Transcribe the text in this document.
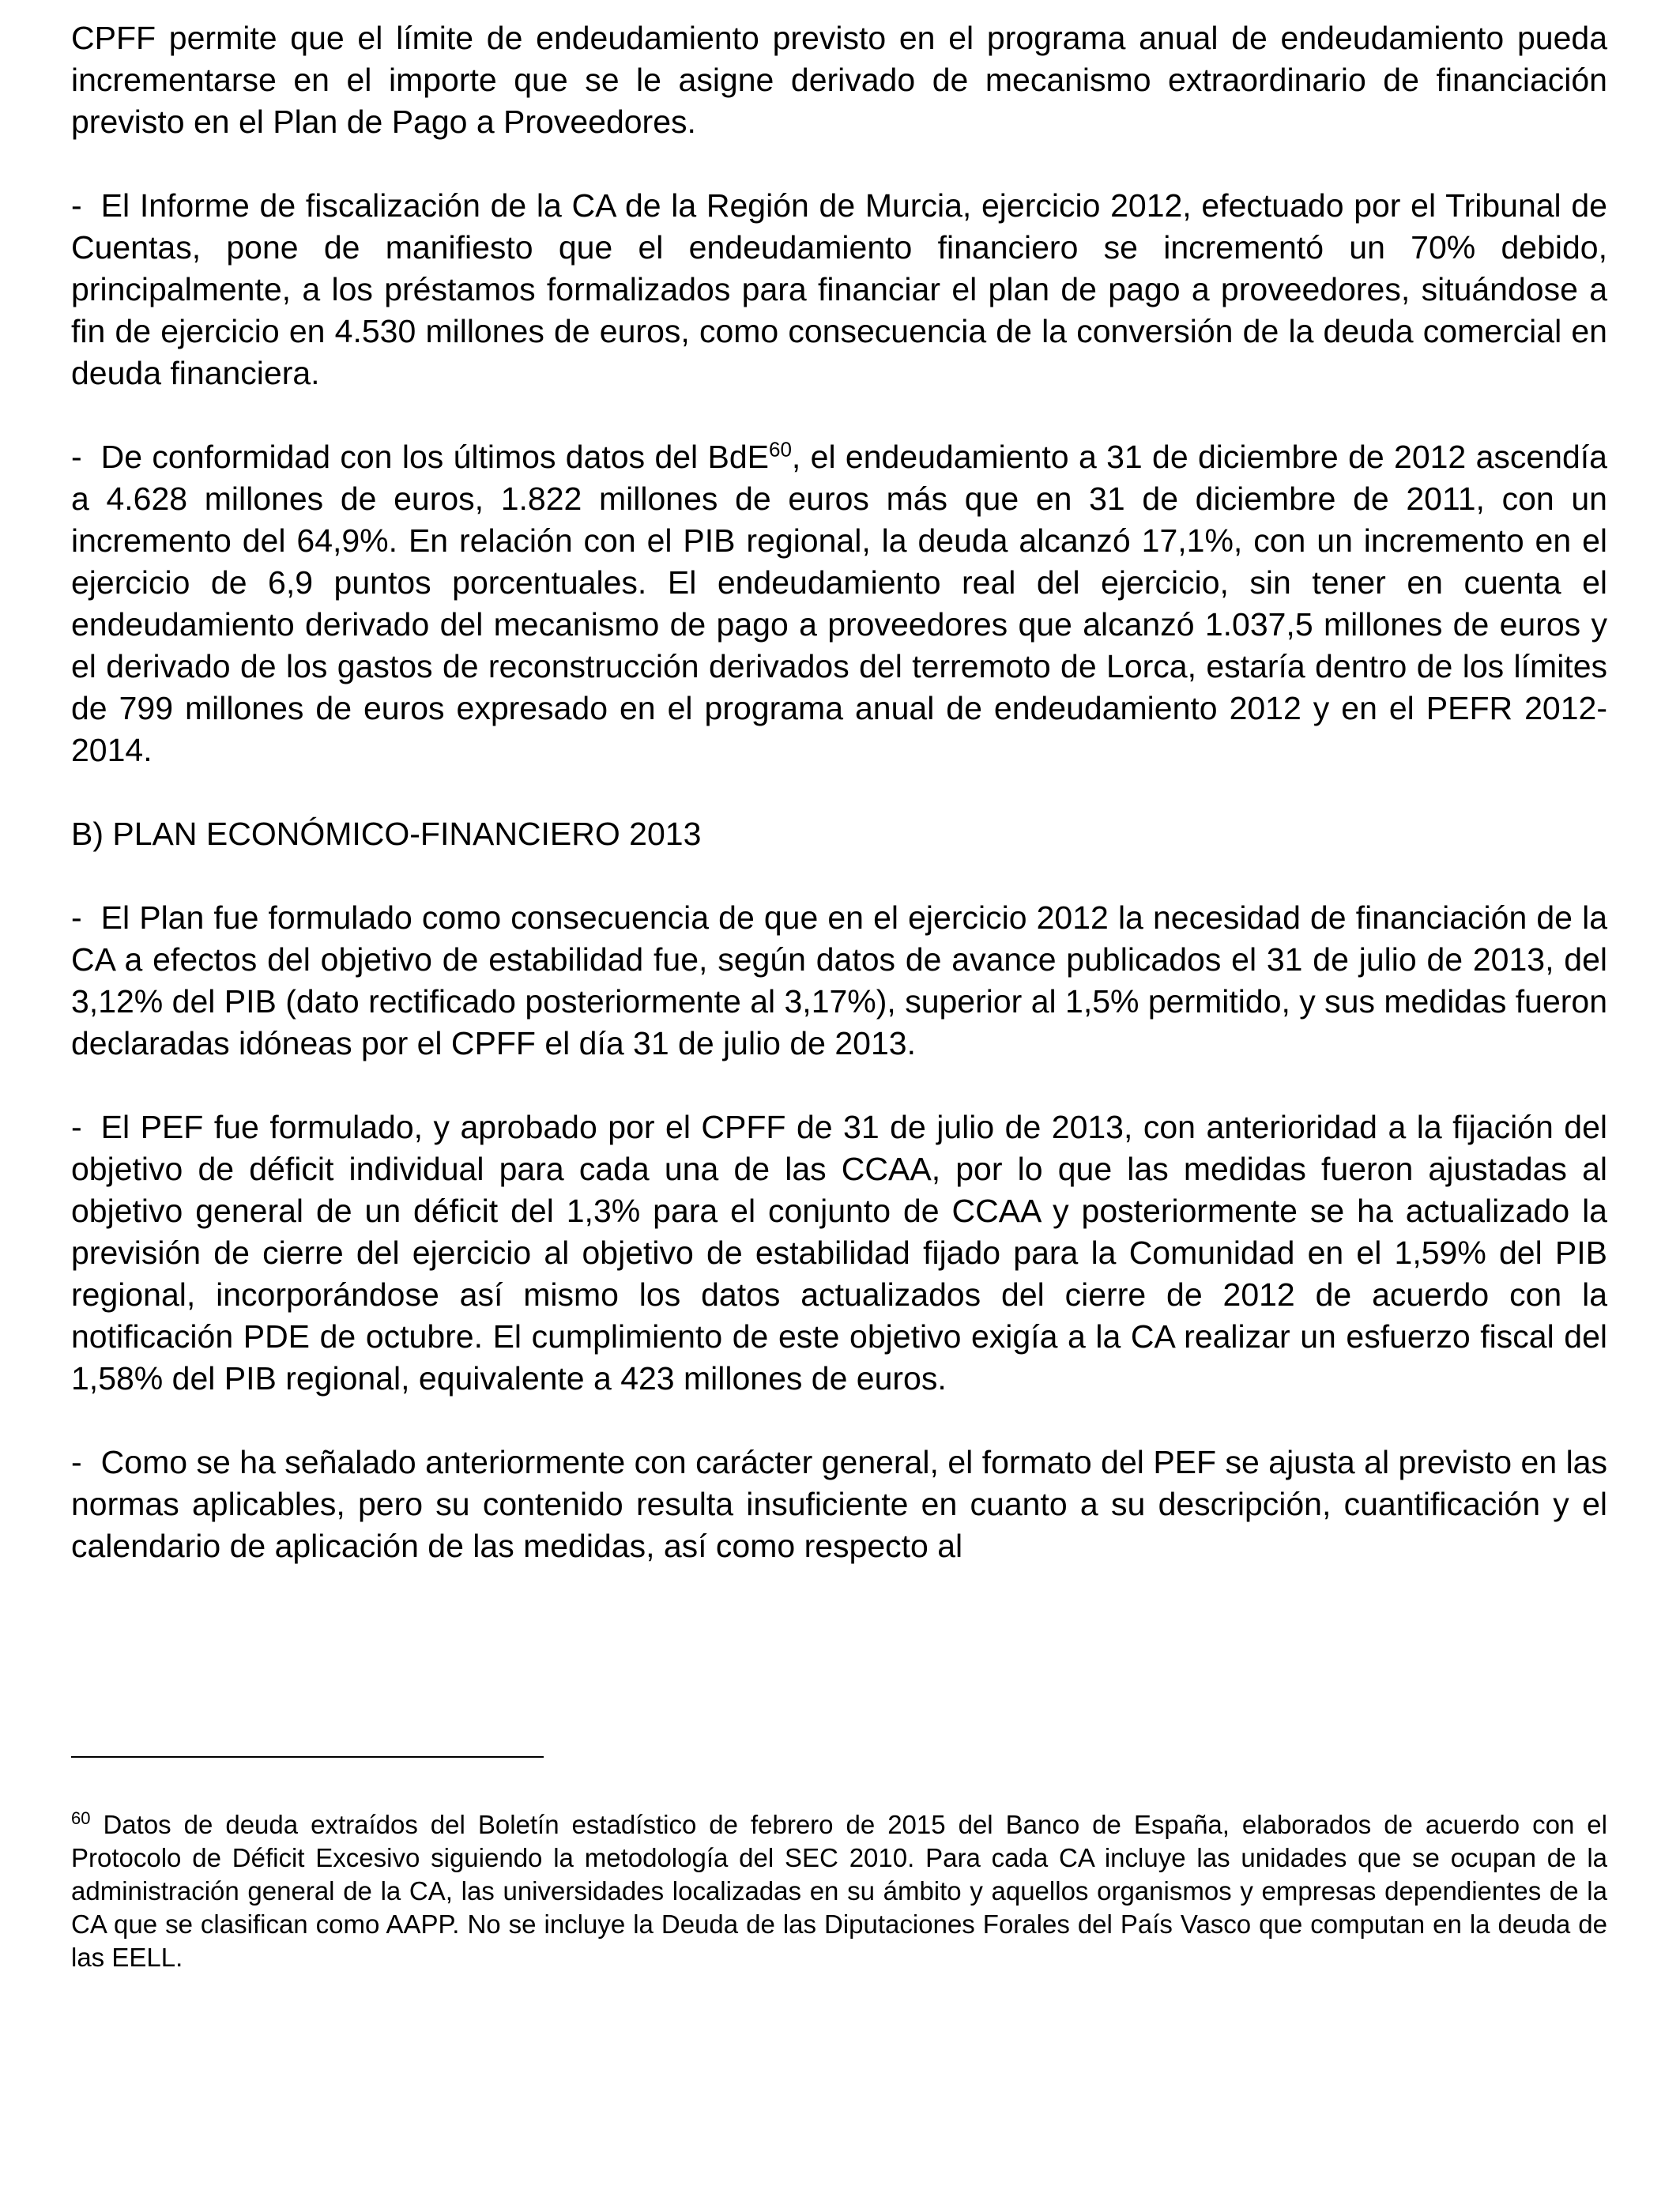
CPFF permite que el límite de endeudamiento previsto en el programa anual de endeudamiento pueda incrementarse en el importe que se le asigne derivado de mecanismo extraordinario de financiación previsto en el Plan de Pago a Proveedores.

- El Informe de fiscalización de la CA de la Región de Murcia, ejercicio 2012, efectuado por el Tribunal de Cuentas, pone de manifiesto que el endeudamiento financiero se incrementó un 70% debido, principalmente, a los préstamos formalizados para financiar el plan de pago a proveedores, situándose a fin de ejercicio en 4.530 millones de euros, como consecuencia de la conversión de la deuda comercial en deuda financiera.

- De conformidad con los últimos datos del BdE$^{60}$, el endeudamiento a 31 de diciembre de 2012 ascendía a 4.628 millones de euros, 1.822 millones de euros más que en 31 de diciembre de 2011, con un incremento del 64,9%. En relación con el PIB regional, la deuda alcanzó 17,1%, con un incremento en el ejercicio de 6,9 puntos porcentuales. El endeudamiento real del ejercicio, sin tener en cuenta el endeudamiento derivado del mecanismo de pago a proveedores que alcanzó 1.037,5 millones de euros y el derivado de los gastos de reconstrucción derivados del terremoto de Lorca, estaría dentro de los límites de 799 millones de euros expresado en el programa anual de endeudamiento 2012 y en el PEFR 2012-2014.

B) PLAN ECONÓMICO-FINANCIERO 2013

- El Plan fue formulado como consecuencia de que en el ejercicio 2012 la necesidad de financiación de la CA a efectos del objetivo de estabilidad fue, según datos de avance publicados el 31 de julio de 2013, del 3,12% del PIB (dato rectificado posteriormente al 3,17%), superior al 1,5% permitido, y sus medidas fueron declaradas idóneas por el CPFF el día 31 de julio de 2013.

- El PEF fue formulado, y aprobado por el CPFF de 31 de julio de 2013, con anterioridad a la fijación del objetivo de déficit individual para cada una de las CCAA, por lo que las medidas fueron ajustadas al objetivo general de un déficit del 1,3% para el conjunto de CCAA y posteriormente se ha actualizado la previsión de cierre del ejercicio al objetivo de estabilidad fijado para la Comunidad en el 1,59% del PIB regional, incorporándose así mismo los datos actualizados del cierre de 2012 de acuerdo con la notificación PDE de octubre. El cumplimiento de este objetivo exigía a la CA realizar un esfuerzo fiscal del 1,58% del PIB regional, equivalente a 423 millones de euros.

- Como se ha señalado anteriormente con carácter general, el formato del PEF se ajusta al previsto en las normas aplicables, pero su contenido resulta insuficiente en cuanto a su descripción, cuantificación y el calendario de aplicación de las medidas, así como respecto al

$^{60}$ Datos de deuda extraídos del Boletín estadístico de febrero de 2015 del Banco de España, elaborados de acuerdo con el Protocolo de Déficit Excesivo siguiendo la metodología del SEC 2010. Para cada CA incluye las unidades que se ocupan de la administración general de la CA, las universidades localizadas en su ámbito y aquellos organismos y empresas dependientes de la CA que se clasifican como AAPP. No se incluye la Deuda de las Diputaciones Forales del País Vasco que computan en la deuda de las EELL.
